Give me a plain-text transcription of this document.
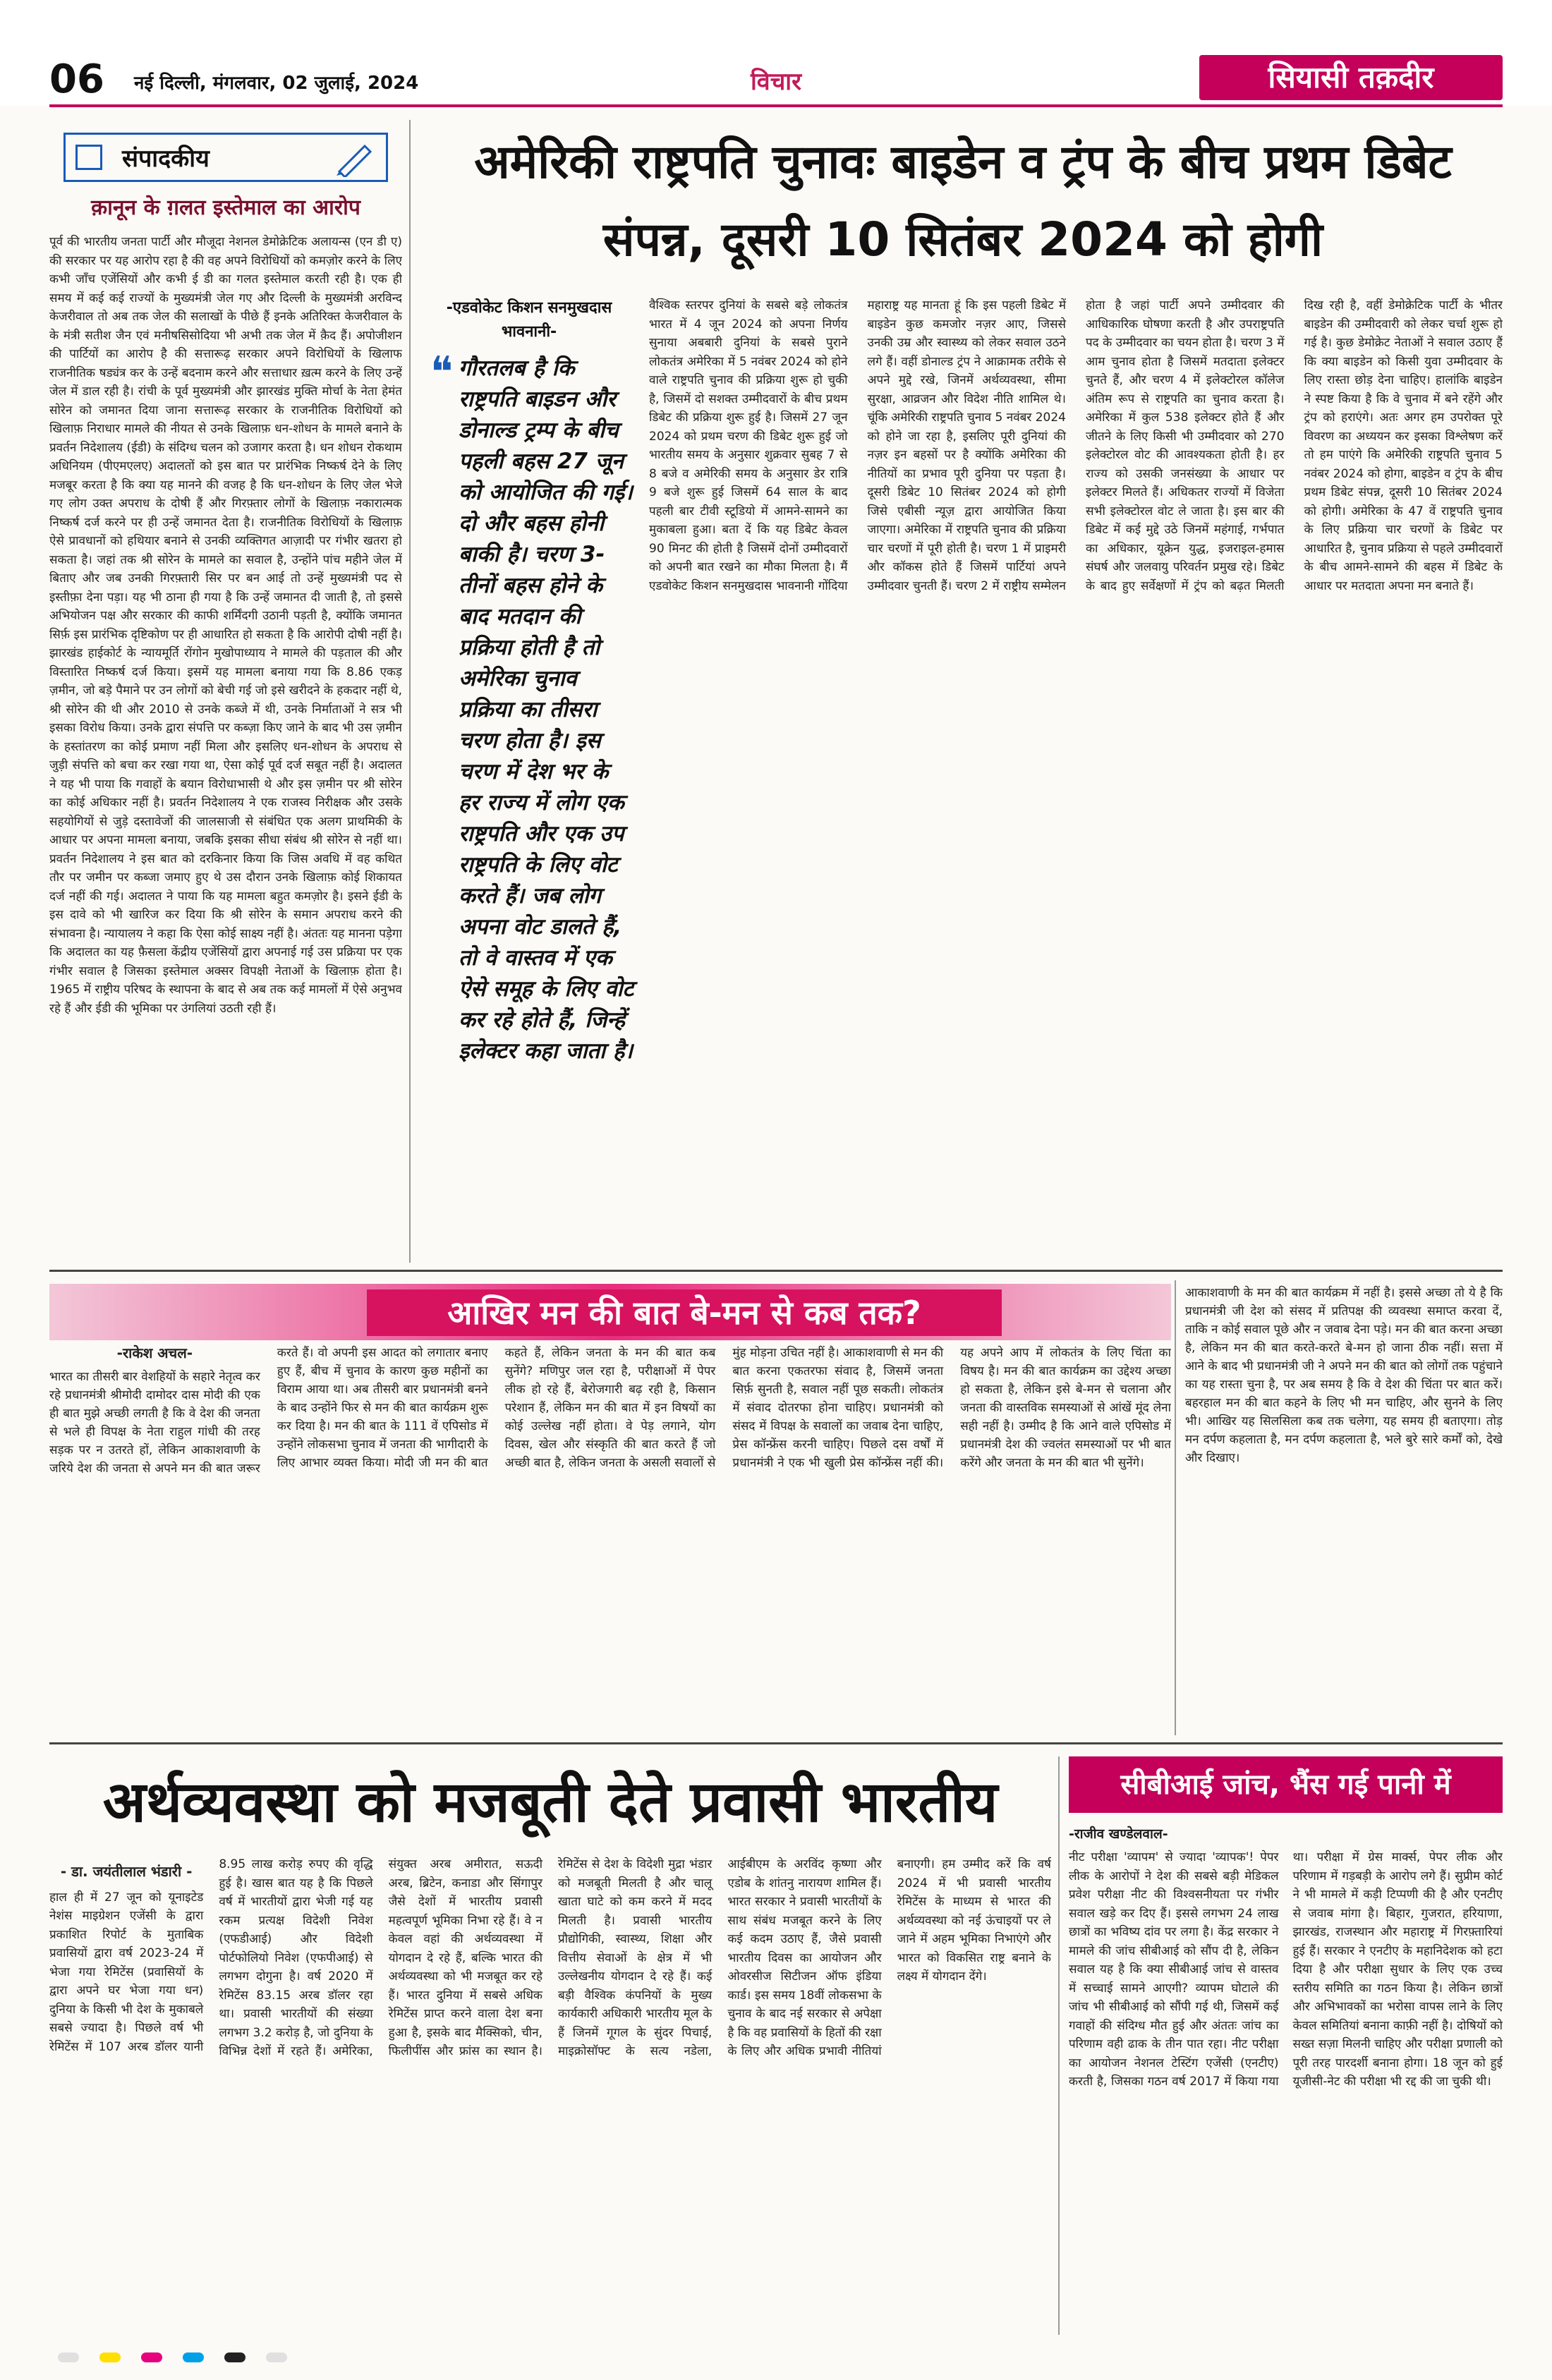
06	नई दिल्ली, मंगलवार, 02 जुलाई, 2024	विचार	सियासी तक़दीर
संपादकीय
क़ानून के ग़लत इस्तेमाल का आरोप
पूर्व की भारतीय जनता पार्टी और मौजूदा नेशनल डेमोक्रेटिक अलायन्स (एन डी ए) की सरकार पर यह आरोप रहा है की वह अपने विरोधियों को कमज़ोर करने के लिए कभी जाँच एजेंसियों और कभी ई डी का गलत इस्तेमाल करती रही है। एक ही समय में कई कई राज्यों के मुख्यमंत्री जेल गए और दिल्ली के मुख्यमंत्री अरविन्द केजरीवाल तो अब तक जेल की सलाखों के पीछे हैं इनके अतिरिक्त केजरीवाल के के मंत्री सतीश जैन एवं मनीषसिसोदिया भी अभी तक जेल में क़ैद हैं। अपोजीशन की पार्टियों का आरोप है की सत्तारूढ़ सरकार अपने विरोधियों के खिलाफ राजनीतिक षड्यंत्र कर के उन्हें बदनाम करने और सत्ताधार ख़त्म करने के लिए उन्हें जेल में डाल रही है। रांची के पूर्व मुख्यमंत्री और झारखंड मुक्ति मोर्चा के नेता हेमंत सोरेन को जमानत दिया जाना सत्तारूढ़ सरकार के राजनीतिक विरोधियों को खिलाफ़ निराधार मामले की नीयत से उनके खिलाफ़ धन-शोधन के मामले बनाने के प्रवर्तन निदेशालय (ईडी) के संदिग्ध चलन को उजागर करता है। धन शोधन रोकथाम अधिनियम (पीएमएलए) अदालतों को इस बात पर प्रारंभिक निष्कर्ष देने के लिए मजबूर करता है कि क्या यह मानने की वजह है कि धन-शोधन के लिए जेल भेजे गए लोग उक्त अपराध के दोषी हैं और गिरफ़्तार लोगों के खिलाफ़ नकारात्मक निष्कर्ष दर्ज करने पर ही उन्हें जमानत देता है। राजनीतिक विरोधियों के खिलाफ़ ऐसे प्रावधानों को हथियार बनाने से उनकी व्यक्तिगत आज़ादी पर गंभीर खतरा हो सकता है। जहां तक श्री सोरेन के मामले का सवाल है, उन्होंने पांच महीने जेल में बिताए और जब उनकी गिरफ़्तारी सिर पर बन आई तो उन्हें मुख्यमंत्री पद से इस्तीफ़ा देना पड़ा। यह भी ठाना ही गया है कि उन्हें जमानत दी जाती है, तो इससे अभियोजन पक्ष और सरकार की काफी शर्मिंदगी उठानी पड़ती है, क्योंकि जमानत सिर्फ़ इस प्रारंभिक दृष्टिकोण पर ही आधारित हो सकता है कि आरोपी दोषी नहीं है। झारखंड हाईकोर्ट के न्यायमूर्ति रोंगोन मुखोपाध्याय ने मामले की पड़ताल की और विस्तारित निष्कर्ष दर्ज किया। इसमें यह मामला बनाया गया कि 8.86 एकड़ ज़मीन, जो बड़े पैमाने पर उन लोगों को बेची गई जो इसे खरीदने के हकदार नहीं थे, श्री सोरेन की थी और 2010 से उनके कब्जे में थी, उनके निर्माताओं ने सत्र भी इसका विरोध किया। उनके द्वारा संपत्ति पर कब्ज़ा किए जाने के बाद भी उस ज़मीन के हस्तांतरण का कोई प्रमाण नहीं मिला और इसलिए धन-शोधन के अपराध से जुड़ी संपत्ति को बचा कर रखा गया था, ऐसा कोई पूर्व दर्ज सबूत नहीं है। अदालत ने यह भी पाया कि गवाहों के बयान विरोधाभासी थे और इस ज़मीन पर श्री सोरेन का कोई अधिकार नहीं है। प्रवर्तन निदेशालय ने एक राजस्व निरीक्षक और उसके सहयोगियों से जुड़े दस्तावेजों की जालसाजी से संबंधित एक अलग प्राथमिकी के आधार पर अपना मामला बनाया, जबकि इसका सीधा संबंध श्री सोरेन से नहीं था। प्रवर्तन निदेशालय ने इस बात को दरकिनार किया कि जिस अवधि में वह कथित तौर पर जमीन पर कब्जा जमाए हुए थे उस दौरान उनके खिलाफ़ कोई शिकायत दर्ज नहीं की गई। अदालत ने पाया कि यह मामला बहुत कमज़ोर है। इसने ईडी के इस दावे को भी खारिज कर दिया कि श्री सोरेन के समान अपराध करने की संभावना है। न्यायालय ने कहा कि ऐसा कोई साक्ष्य नहीं है। अंततः यह मानना पड़ेगा कि अदालत का यह फ़ैसला केंद्रीय एजेंसियों द्वारा अपनाई गई उस प्रक्रिया पर एक गंभीर सवाल है जिसका इस्तेमाल अक्सर विपक्षी नेताओं के खिलाफ़ होता है। 1965 में राष्ट्रीय परिषद के स्थापना के बाद से अब तक कई मामलों में ऐसे अनुभव रहे हैं और ईडी की भूमिका पर उंगलियां उठती रही हैं।
अमेरिकी राष्ट्रपति चुनावः बाइडेन व ट्रंप के बीच प्रथम डिबेट संपन्न, दूसरी 10 सितंबर 2024 को होगी
-एडवोकेट किशन सनमुखदास भावनानी-
❝ गौरतलब है कि राष्ट्रपति बाइडन और डोनाल्ड ट्रम्प के बीच पहली बहस 27 जून को आयोजित की गई। दो और बहस होनी बाकी है। चरण 3-तीनों बहस होने के बाद मतदान की प्रक्रिया होती है तो अमेरिका चुनाव प्रक्रिया का तीसरा चरण होता है। इस चरण में देश भर के हर राज्य में लोग एक राष्ट्रपति और एक उप राष्ट्रपति के लिए वोट करते हैं। जब लोग अपना वोट डालते हैं, तो वे वास्तव में एक ऐसे समूह के लिए वोट कर रहे होते हैं, जिन्हें इलेक्टर कहा जाता है।
वैश्विक स्तरपर दुनियां के सबसे बड़े लोकतंत्र भारत में 4 जून 2024 को अपना निर्णय सुनाया अबबारी दुनियां के सबसे पुराने लोकतंत्र अमेरिका में 5 नवंबर 2024 को होने वाले राष्ट्रपति चुनाव की प्रक्रिया शुरू हो चुकी है, जिसमें दो सशक्त उम्मीदवारों के बीच प्रथम डिबेट की प्रक्रिया शुरू हुई है। जिसमें 27 जून 2024 को प्रथम चरण की डिबेट शुरू हुई जो भारतीय समय के अनुसार शुक्रवार सुबह 7 से 8 बजे व अमेरिकी समय के अनुसार डेर रात्रि 9 बजे शुरू हुई जिसमें 64 साल के बाद पहली बार टीवी स्टूडियो में आमने-सामने का मुकाबला हुआ। बता दें कि यह डिबेट केवल 90 मिनट की होती है जिसमें दोनों उम्मीदवारों को अपनी बात रखने का मौका मिलता है। मैं एडवोकेट किशन सनमुखदास भावनानी गोंदिया महाराष्ट्र यह मानता हूं कि इस पहली डिबेट में बाइडेन कुछ कमजोर नज़र आए, जिससे उनकी उम्र और स्वास्थ्य को लेकर सवाल उठने लगे हैं। वहीं डोनाल्ड ट्रंप ने आक्रामक तरीके से अपने मुद्दे रखे, जिनमें अर्थव्यवस्था, सीमा सुरक्षा, आव्रजन और विदेश नीति शामिल थे। चूंकि अमेरिकी राष्ट्रपति चुनाव 5 नवंबर 2024 को होने जा रहा है, इसलिए पूरी दुनियां की नज़र इन बहसों पर है क्योंकि अमेरिका की नीतियों का प्रभाव पूरी दुनिया पर पड़ता है। दूसरी डिबेट 10 सितंबर 2024 को होगी जिसे एबीसी न्यूज़ द्वारा आयोजित किया जाएगा। अमेरिका में राष्ट्रपति चुनाव की प्रक्रिया चार चरणों में पूरी होती है। चरण 1 में प्राइमरी और कॉकस होते हैं जिसमें पार्टियां अपने उम्मीदवार चुनती हैं। चरण 2 में राष्ट्रीय सम्मेलन होता है जहां पार्टी अपने उम्मीदवार की आधिकारिक घोषणा करती है और उपराष्ट्रपति पद के उम्मीदवार का चयन होता है। चरण 3 में आम चुनाव होता है जिसमें मतदाता इलेक्टर चुनते हैं, और चरण 4 में इलेक्टोरल कॉलेज अंतिम रूप से राष्ट्रपति का चुनाव करता है। अमेरिका में कुल 538 इलेक्टर होते हैं और जीतने के लिए किसी भी उम्मीदवार को 270 इलेक्टोरल वोट की आवश्यकता होती है। हर राज्य को उसकी जनसंख्या के आधार पर इलेक्टर मिलते हैं। अधिकतर राज्यों में विजेता सभी इलेक्टोरल वोट ले जाता है। इस बार की डिबेट में कई मुद्दे उठे जिनमें महंगाई, गर्भपात का अधिकार, यूक्रेन युद्ध, इजराइल-हमास संघर्ष और जलवायु परिवर्तन प्रमुख रहे। डिबेट के बाद हुए सर्वेक्षणों में ट्रंप को बढ़त मिलती दिख रही है, वहीं डेमोक्रेटिक पार्टी के भीतर बाइडेन की उम्मीदवारी को लेकर चर्चा शुरू हो गई है। कुछ डेमोक्रेट नेताओं ने सवाल उठाए हैं कि क्या बाइडेन को किसी युवा उम्मीदवार के लिए रास्ता छोड़ देना चाहिए। हालांकि बाइडेन ने स्पष्ट किया है कि वे चुनाव में बने रहेंगे और ट्रंप को हराएंगे। अतः अगर हम उपरोक्त पूरे विवरण का अध्ययन कर इसका विश्लेषण करें तो हम पाएंगे कि अमेरिकी राष्ट्रपति चुनाव 5 नवंबर 2024 को होगा, बाइडेन व ट्रंप के बीच प्रथम डिबेट संपन्न, दूसरी 10 सितंबर 2024 को होगी। अमेरिका के 47 वें राष्ट्रपति चुनाव के लिए प्रक्रिया चार चरणों के डिबेट पर आधारित है, चुनाव प्रक्रिया से पहले उम्मीदवारों के बीच आमने-सामने की बहस में डिबेट के आधार पर मतदाता अपना मन बनाते हैं।
आखिर मन की बात बे-मन से कब तक?
-राकेश अचल-
भारत का तीसरी बार वेशहियों के सहारे नेतृत्व कर रहे प्रधानमंत्री श्रीमोदी दामोदर दास मोदी की एक ही बात मुझे अच्छी लगती है कि वे देश की जनता से भले ही विपक्ष के नेता राहुल गांधी की तरह सड़क पर न उतरते हों, लेकिन आकाशवाणी के जरिये देश की जनता से अपने मन की बात जरूर करते हैं। वो अपनी इस आदत को लगातार बनाए हुए हैं, बीच में चुनाव के कारण कुछ महीनों का विराम आया था। अब तीसरी बार प्रधानमंत्री बनने के बाद उन्होंने फिर से मन की बात कार्यक्रम शुरू कर दिया है। मन की बात के 111 वें एपिसोड में उन्होंने लोकसभा चुनाव में जनता की भागीदारी के लिए आभार व्यक्त किया। मोदी जी मन की बात कहते हैं, लेकिन जनता के मन की बात कब सुनेंगे? मणिपुर जल रहा है, परीक्षाओं में पेपर लीक हो रहे हैं, बेरोजगारी बढ़ रही है, किसान परेशान हैं, लेकिन मन की बात में इन विषयों का कोई उल्लेख नहीं होता। वे पेड़ लगाने, योग दिवस, खेल और संस्कृति की बात करते हैं जो अच्छी बात है, लेकिन जनता के असली सवालों से मुंह मोड़ना उचित नहीं है। आकाशवाणी से मन की बात करना एकतरफा संवाद है, जिसमें जनता सिर्फ़ सुनती है, सवाल नहीं पूछ सकती। लोकतंत्र में संवाद दोतरफा होना चाहिए। प्रधानमंत्री को संसद में विपक्ष के सवालों का जवाब देना चाहिए, प्रेस कॉन्फ्रेंस करनी चाहिए। पिछले दस वर्षों में प्रधानमंत्री ने एक भी खुली प्रेस कॉन्फ्रेंस नहीं की। यह अपने आप में लोकतंत्र के लिए चिंता का विषय है। मन की बात कार्यक्रम का उद्देश्य अच्छा हो सकता है, लेकिन इसे बे-मन से चलाना और जनता की वास्तविक समस्याओं से आंखें मूंद लेना सही नहीं है। उम्मीद है कि आने वाले एपिसोड में प्रधानमंत्री देश की ज्वलंत समस्याओं पर भी बात करेंगे और जनता के मन की बात भी सुनेंगे।
आकाशवाणी के मन की बात कार्यक्रम में नहीं है। इससे अच्छा तो ये है कि प्रधानमंत्री जी देश को संसद में प्रतिपक्ष की व्यवस्था समाप्त करवा दें, ताकि न कोई सवाल पूछे और न जवाब देना पड़े। मन की बात करना अच्छा है, लेकिन मन की बात करते-करते बे-मन हो जाना ठीक नहीं। सत्ता में आने के बाद भी प्रधानमंत्री जी ने अपने मन की बात को लोगों तक पहुंचाने का यह रास्ता चुना है, पर अब समय है कि वे देश की चिंता पर बात करें। बहरहाल मन की बात कहने के लिए भी मन चाहिए, और सुनने के लिए भी। आखिर यह सिलसिला कब तक चलेगा, यह समय ही बताएगा। तोड़ मन दर्पण कहलाता है, मन दर्पण कहलाता है, भले बुरे सारे कर्मों को, देखे और दिखाए।
अर्थव्यवस्था को मजबूती देते प्रवासी भारतीय
- डा. जयंतीलाल भंडारी -
हाल ही में 27 जून को यूनाइटेड नेशंस माइग्रेशन एजेंसी के द्वारा प्रकाशित रिपोर्ट के मुताबिक प्रवासियों द्वारा वर्ष 2023-24 में भेजा गया रेमिटेंस (प्रवासियों के द्वारा अपने घर भेजा गया धन) दुनिया के किसी भी देश के मुकाबले सबसे ज्यादा है। पिछले वर्ष भी रेमिटेंस में 107 अरब डॉलर यानी 8.95 लाख करोड़ रुपए की वृद्धि हुई है। खास बात यह है कि पिछले वर्ष में भारतीयों द्वारा भेजी गई यह रकम प्रत्यक्ष विदेशी निवेश (एफडीआई) और विदेशी पोर्टफोलियो निवेश (एफपीआई) से लगभग दोगुना है। वर्ष 2020 में रेमिटेंस 83.15 अरब डॉलर रहा था। प्रवासी भारतीयों की संख्या लगभग 3.2 करोड़ है, जो दुनिया के विभिन्न देशों में रहते हैं। अमेरिका, संयुक्त अरब अमीरात, सऊदी अरब, ब्रिटेन, कनाडा और सिंगापुर जैसे देशों में भारतीय प्रवासी महत्वपूर्ण भूमिका निभा रहे हैं। वे न केवल वहां की अर्थव्यवस्था में योगदान दे रहे हैं, बल्कि भारत की अर्थव्यवस्था को भी मजबूत कर रहे हैं। भारत दुनिया में सबसे अधिक रेमिटेंस प्राप्त करने वाला देश बना हुआ है, इसके बाद मैक्सिको, चीन, फिलीपींस और फ्रांस का स्थान है। रेमिटेंस से देश के विदेशी मुद्रा भंडार को मजबूती मिलती है और चालू खाता घाटे को कम करने में मदद मिलती है। प्रवासी भारतीय प्रौद्योगिकी, स्वास्थ्य, शिक्षा और वित्तीय सेवाओं के क्षेत्र में भी उल्लेखनीय योगदान दे रहे हैं। कई बड़ी वैश्विक कंपनियों के मुख्य कार्यकारी अधिकारी भारतीय मूल के हैं जिनमें गूगल के सुंदर पिचाई, माइक्रोसॉफ्ट के सत्य नडेला, आईबीएम के अरविंद कृष्णा और एडोब के शांतनु नारायण शामिल हैं। भारत सरकार ने प्रवासी भारतीयों के साथ संबंध मजबूत करने के लिए कई कदम उठाए हैं, जैसे प्रवासी भारतीय दिवस का आयोजन और ओवरसीज सिटीजन ऑफ इंडिया कार्ड। इस समय 18वीं लोकसभा के चुनाव के बाद नई सरकार से अपेक्षा है कि वह प्रवासियों के हितों की रक्षा के लिए और अधिक प्रभावी नीतियां बनाएगी। हम उम्मीद करें कि वर्ष 2024 में भी प्रवासी भारतीय रेमिटेंस के माध्यम से भारत की अर्थव्यवस्था को नई ऊंचाइयों पर ले जाने में अहम भूमिका निभाएंगे और भारत को विकसित राष्ट्र बनाने के लक्ष्य में योगदान देंगे।
सीबीआई जांच, भैंस गई पानी में
-राजीव खण्डेलवाल-
नीट परीक्षा 'व्यापम' से ज्यादा 'व्यापक'! पेपर लीक के आरोपों ने देश की सबसे बड़ी मेडिकल प्रवेश परीक्षा नीट की विश्वसनीयता पर गंभीर सवाल खड़े कर दिए हैं। इससे लगभग 24 लाख छात्रों का भविष्य दांव पर लगा है। केंद्र सरकार ने मामले की जांच सीबीआई को सौंप दी है, लेकिन सवाल यह है कि क्या सीबीआई जांच से वास्तव में सच्चाई सामने आएगी? व्यापम घोटाले की जांच भी सीबीआई को सौंपी गई थी, जिसमें कई गवाहों की संदिग्ध मौत हुई और अंततः जांच का परिणाम वही ढाक के तीन पात रहा। नीट परीक्षा का आयोजन नेशनल टेस्टिंग एजेंसी (एनटीए) करती है, जिसका गठन वर्ष 2017 में किया गया था। परीक्षा में ग्रेस मार्क्स, पेपर लीक और परिणाम में गड़बड़ी के आरोप लगे हैं। सुप्रीम कोर्ट ने भी मामले में कड़ी टिप्पणी की है और एनटीए से जवाब मांगा है। बिहार, गुजरात, हरियाणा, झारखंड, राजस्थान और महाराष्ट्र में गिरफ़्तारियां हुई हैं। सरकार ने एनटीए के महानिदेशक को हटा दिया है और परीक्षा सुधार के लिए एक उच्च स्तरीय समिति का गठन किया है। लेकिन छात्रों और अभिभावकों का भरोसा वापस लाने के लिए केवल समितियां बनाना काफ़ी नहीं है। दोषियों को सख्त सज़ा मिलनी चाहिए और परीक्षा प्रणाली को पूरी तरह पारदर्शी बनाना होगा। 18 जून को हुई यूजीसी-नेट की परीक्षा भी रद्द की जा चुकी थी।
